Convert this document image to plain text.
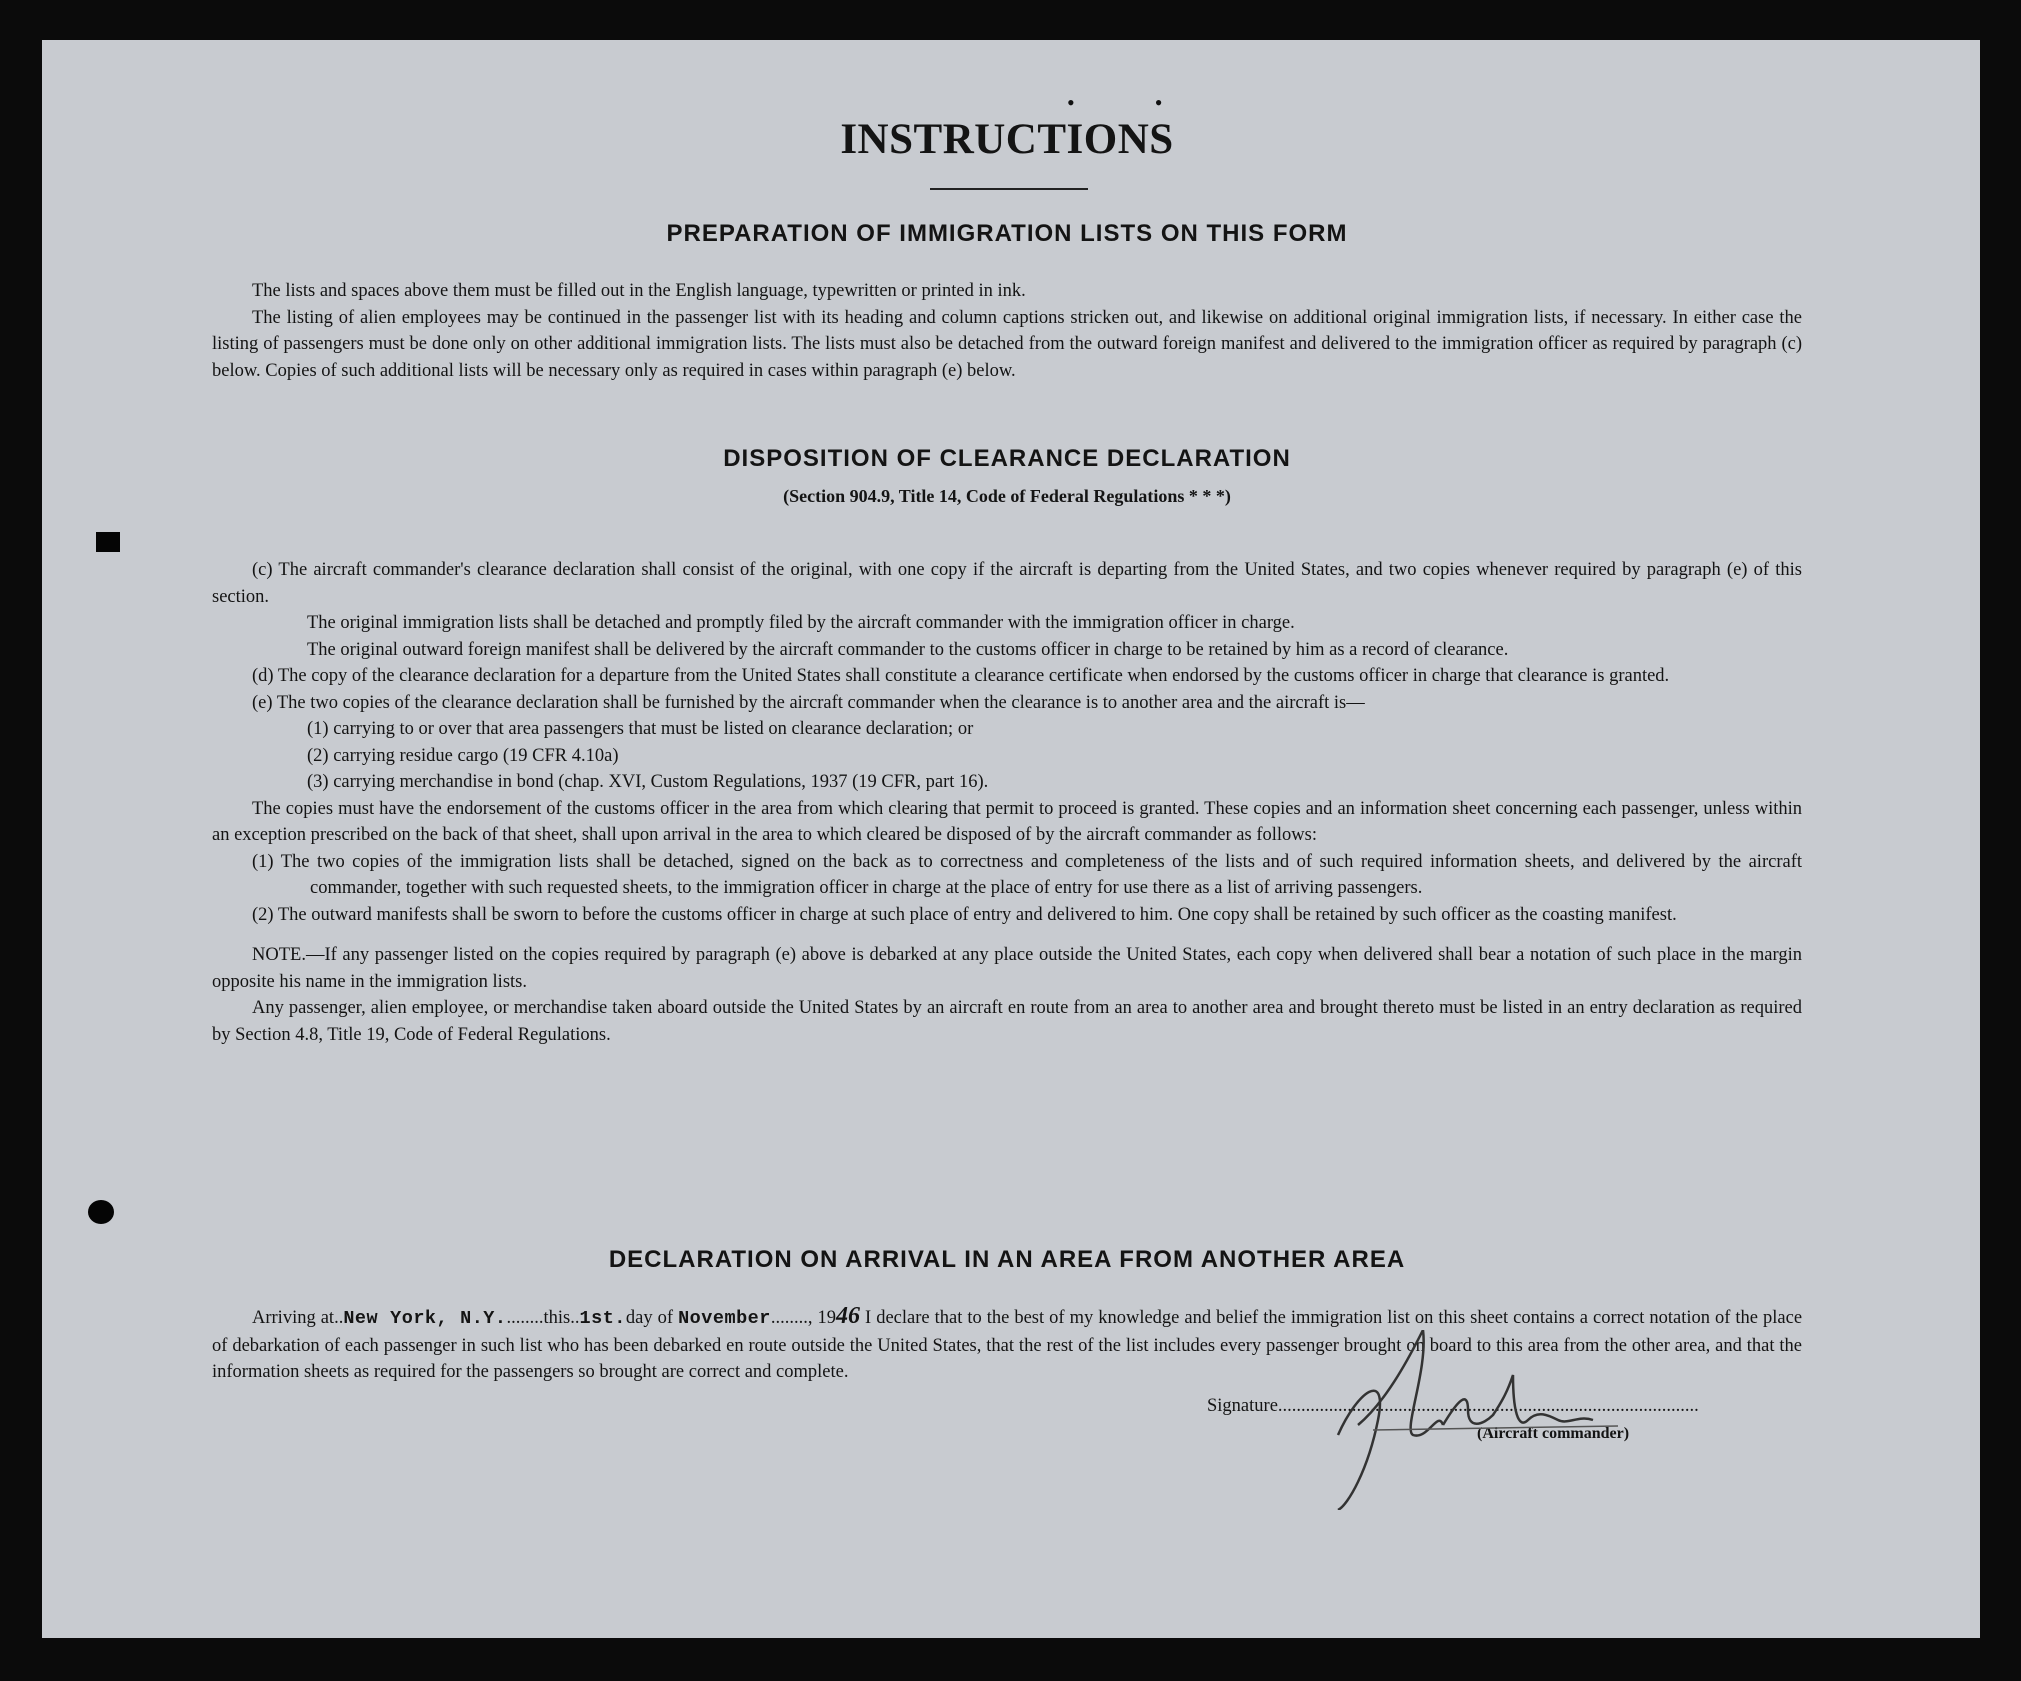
••
INSTRUCTIONS
PREPARATION OF IMMIGRATION LISTS ON THIS FORM

The lists and spaces above them must be filled out in the English language, typewritten or printed in ink.

The listing of alien employees may be continued in the passenger list with its heading and column captions stricken out, and likewise on additional original immigration lists, if necessary. In either case the listing of passengers must be done only on other additional immigration lists. The lists must also be detached from the outward foreign manifest and delivered to the immigration officer as required by paragraph (c) below. Copies of such additional lists will be necessary only as required in cases within paragraph (e) below.

DISPOSITION OF CLEARANCE DECLARATION
(Section 904.9, Title 14, Code of Federal Regulations * * *)

(c) The aircraft commander's clearance declaration shall consist of the original, with one copy if the aircraft is departing from the United States, and two copies whenever required by paragraph (e) of this section.

The original immigration lists shall be detached and promptly filed by the aircraft commander with the immigration officer in charge.

The original outward foreign manifest shall be delivered by the aircraft commander to the customs officer in charge to be retained by him as a record of clearance.

(d) The copy of the clearance declaration for a departure from the United States shall constitute a clearance certificate when endorsed by the customs officer in charge that clearance is granted.

(e) The two copies of the clearance declaration shall be furnished by the aircraft commander when the clearance is to another area and the aircraft is—

(1) carrying to or over that area passengers that must be listed on clearance declaration; or

(2) carrying residue cargo (19 CFR 4.10a)

(3) carrying merchandise in bond (chap. XVI, Custom Regulations, 1937 (19 CFR, part 16).

The copies must have the endorsement of the customs officer in the area from which clearing that permit to proceed is granted. These copies and an information sheet concerning each passenger, unless within an exception prescribed on the back of that sheet, shall upon arrival in the area to which cleared be disposed of by the aircraft commander as follows:

(1) The two copies of the immigration lists shall be detached, signed on the back as to correctness and completeness of the lists and of such required information sheets, and delivered by the aircraft commander, together with such requested sheets, to the immigration officer in charge at the place of entry for use there as a list of arriving passengers.

(2) The outward manifests shall be sworn to before the customs officer in charge at such place of entry and delivered to him. One copy shall be retained by such officer as the coasting manifest.

NOTE.—If any passenger listed on the copies required by paragraph (e) above is debarked at any place outside the United States, each copy when delivered shall bear a notation of such place in the margin opposite his name in the immigration lists.

Any passenger, alien employee, or merchandise taken aboard outside the United States by an aircraft en route from an area to another area and brought thereto must be listed in an entry declaration as required by Section 4.8, Title 19, Code of Federal Regulations.

DECLARATION ON ARRIVAL IN AN AREA FROM ANOTHER AREA

Arriving at..New York, N.Y.........this..1st.day of November........, 1946 I declare that to the best of my knowledge and belief the immigration list on this sheet contains a correct notation of the place of debarkation of each passenger in such list who has been debarked en route outside the United States, that the rest of the list includes every passenger brought on board to this area from the other area, and that the information sheets as required for the passengers so brought are correct and complete.

Signature...........................................................................................
(Aircraft commander)
